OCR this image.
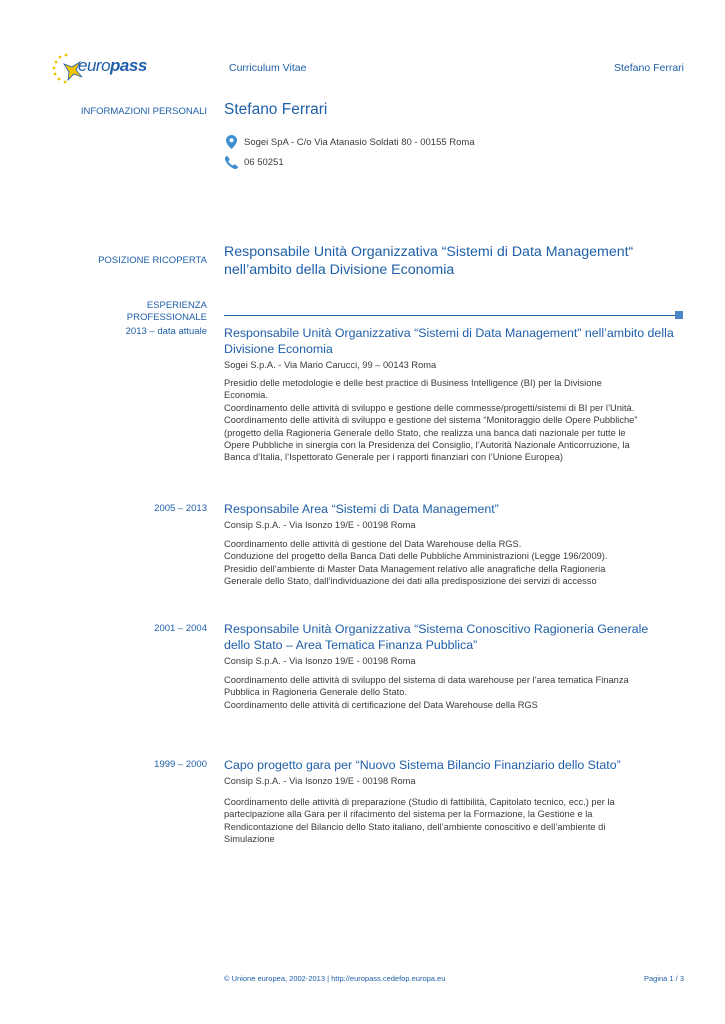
europass	Curriculum Vitae	Stefano Ferrari
INFORMAZIONI PERSONALI Stefano Ferrari
Sogei SpA - C/o Via Atanasio Soldati 80 - 00155 Roma
06 50251
POSIZIONE RICOPERTA
Responsabile Unità Organizzativa “Sistemi di Data Management“
nell’ambito della Divisione Economia
ESPERIENZA
PROFESSIONALE
2013 – data attuale Responsabile Unità Organizzativa “Sistemi di Data Management” nell’ambito della
Divisione Economia
Sogei S.p.A. - Via Mario Carucci, 99 – 00143 Roma
Presidio delle metodologie e delle best practice di Business Intelligence (BI) per la Divisione
Economia.
Coordinamento delle attività di sviluppo e gestione delle commesse/progetti/sistemi di BI per l’Unità.
Coordinamento delle attività di sviluppo e gestione del sistema “Monitoraggio delle Opere Pubbliche”
(progetto della Ragioneria Generale dello Stato, che realizza una banca dati nazionale per tutte le
Opere Pubbliche in sinergia con la Presidenza del Consiglio, l’Autorità Nazionale Anticorruzione, la
Banca d’Italia, l’Ispettorato Generale per i rapporti finanziari con l’Unione Europea)
2005 – 2013 Responsabile Area “Sistemi di Data Management”
Consip S.p.A. - Via Isonzo 19/E - 00198 Roma
Coordinamento delle attività di gestione del Data Warehouse della RGS.
Conduzione del progetto della Banca Dati delle Pubbliche Amministrazioni (Legge 196/2009).
Presidio dell’ambiente di Master Data Management relativo alle anagrafiche della Ragioneria
Generale dello Stato, dall’individuazione dei dati alla predisposizione dei servizi di accesso
2001 – 2004 Responsabile Unità Organizzativa “Sistema Conoscitivo Ragioneria Generale
dello Stato – Area Tematica Finanza Pubblica”
Consip S.p.A. - Via Isonzo 19/E - 00198 Roma
Coordinamento delle attività di sviluppo del sistema di data warehouse per l’area tematica Finanza
Pubblica in Ragioneria Generale dello Stato.
Coordinamento delle attività di certificazione del Data Warehouse della RGS
1999 – 2000 Capo progetto gara per “Nuovo Sistema Bilancio Finanziario dello Stato”
Consip S.p.A. - Via Isonzo 19/E - 00198 Roma
Coordinamento delle attività di preparazione (Studio di fattibilità, Capitolato tecnico, ecc.) per la
partecipazione alla Gara per il rifacimento del sistema per la Formazione, la Gestione e la
Rendicontazione del Bilancio dello Stato italiano, dell’ambiente conoscitivo e dell’ambiente di
Simulazione
© Unione europea, 2002-2013 | http://europass.cedefop.europa.eu	Pagina 1 / 3
